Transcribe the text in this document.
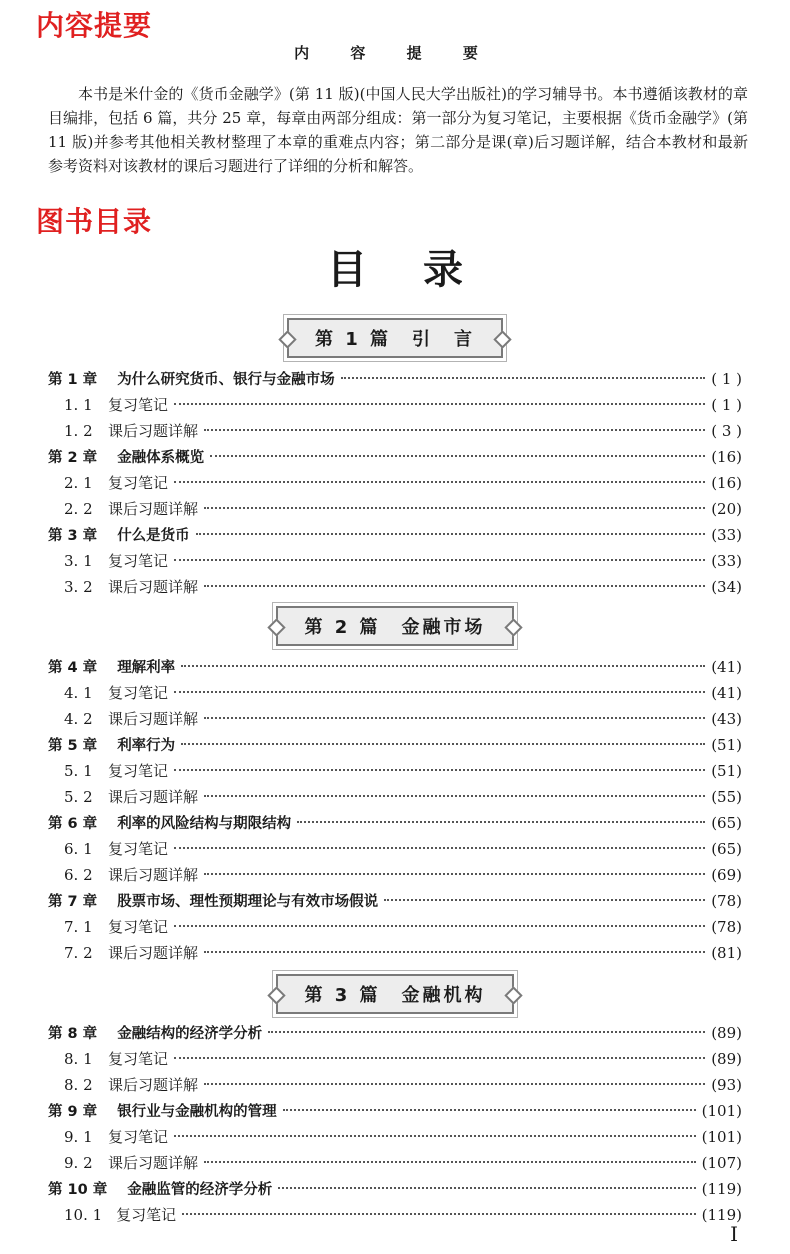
内容提要
内 容 提 要

本书是米什金的《货币金融学》(第 11 版)(中国人民大学出版社)的学习辅导书。本书遵循该教材的章目编排，包括 6 篇，共分 25 章，每章由两部分组成：第一部分为复习笔记，主要根据《货币金融学》(第 11 版)并参考其他相关教材整理了本章的重难点内容；第二部分是课(章)后习题详解，结合本教材和最新参考资料对该教材的课后习题进行了详细的分析和解答。

图书目录
目录
第 1 篇　引　言
第 2 篇　金融市场
第 3 篇　金融机构
第 1 章 为什么研究货币、银行与金融市场	( 1 )
1. 1 复习笔记	( 1 )
1. 2 课后习题详解	( 3 )
第 2 章 金融体系概览	(16)
2. 1 复习笔记	(16)
2. 2 课后习题详解	(20)
第 3 章 什么是货币	(33)
3. 1 复习笔记	(33)
3. 2 课后习题详解	(34)
第 4 章 理解利率	(41)
4. 1 复习笔记	(41)
4. 2 课后习题详解	(43)
第 5 章 利率行为	(51)
5. 1 复习笔记	(51)
5. 2 课后习题详解	(55)
第 6 章 利率的风险结构与期限结构	(65)
6. 1 复习笔记	(65)
6. 2 课后习题详解	(69)
第 7 章 股票市场、理性预期理论与有效市场假说	(78)
7. 1 复习笔记	(78)
7. 2 课后习题详解	(81)
第 8 章 金融结构的经济学分析	(89)
8. 1 复习笔记	(89)
8. 2 课后习题详解	(93)
第 9 章 银行业与金融机构的管理	(101)
9. 1 复习笔记	(101)
9. 2 课后习题详解	(107)
第 10 章 金融监管的经济学分析	(119)
10. 1 复习笔记	(119)
I
